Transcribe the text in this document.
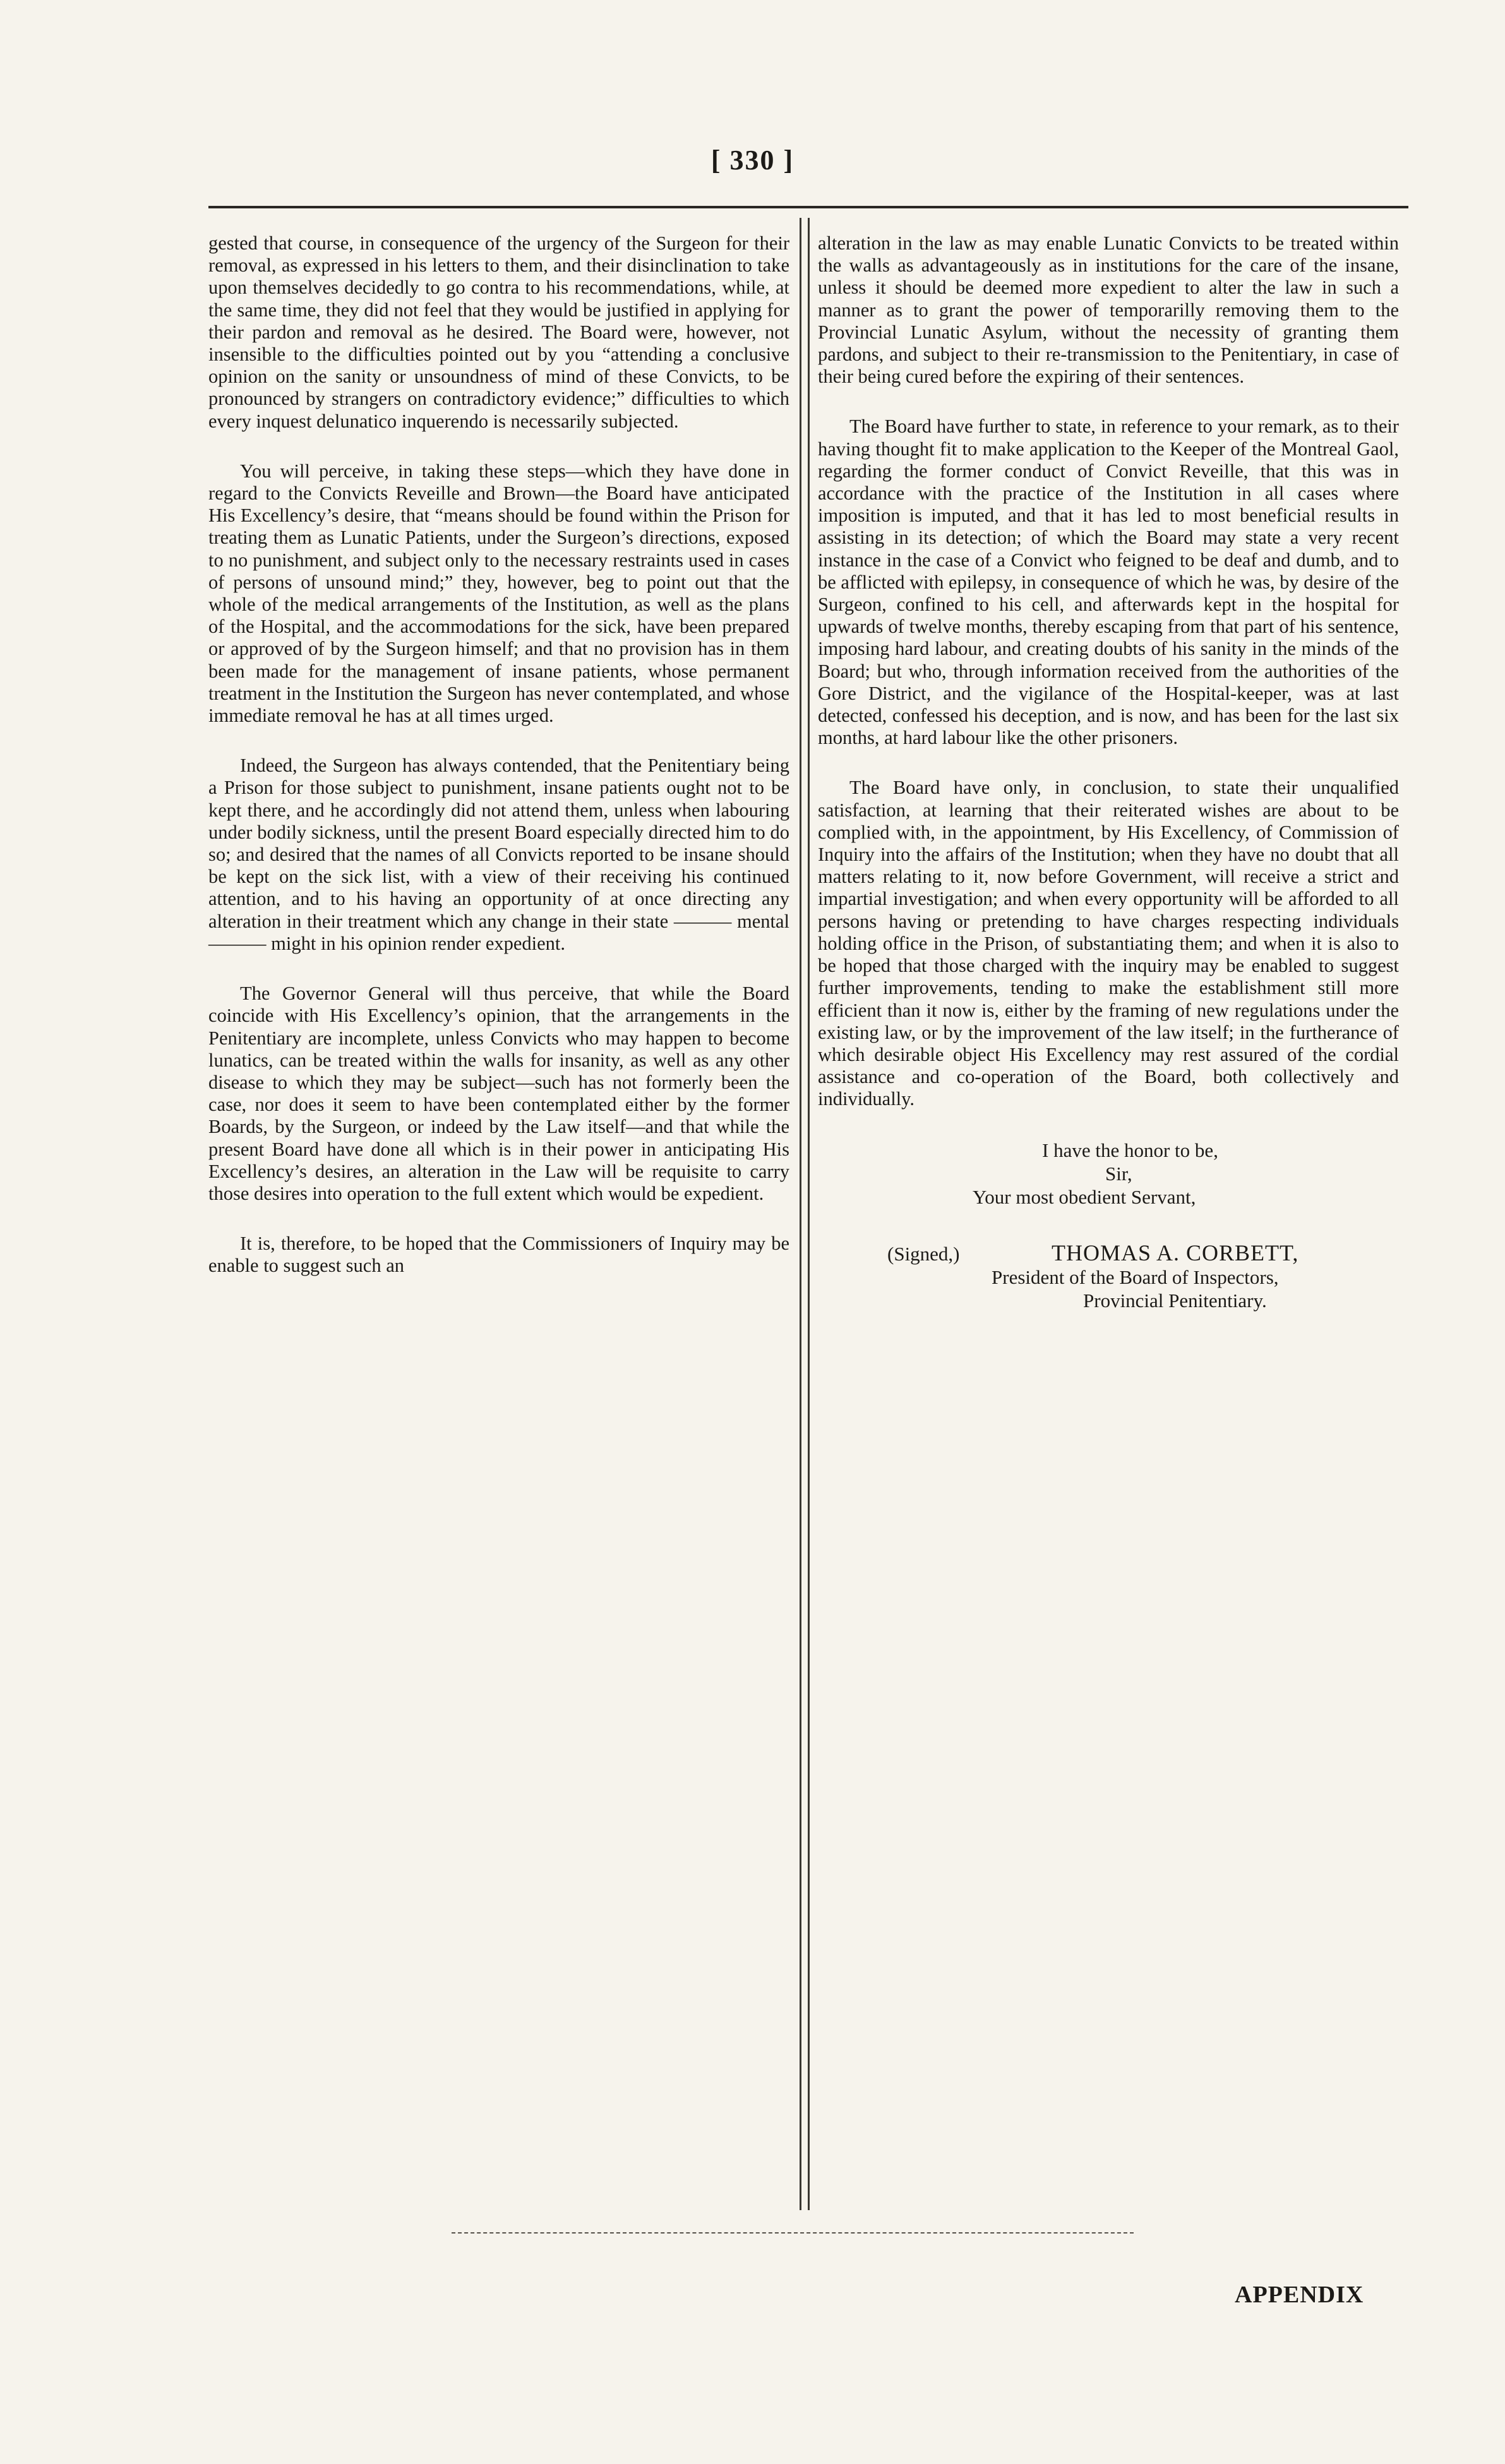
[ 330 ]

gested that course, in consequence of the urgency of the Surgeon for their removal, as expressed in his letters to them, and their disinclination to take upon themselves decidedly to go contra to his recommendations, while, at the same time, they did not feel that they would be justified in applying for their pardon and removal as he desired. The Board were, however, not insensible to the difficulties pointed out by you “attending a conclusive opinion on the sanity or unsoundness of mind of these Convicts, to be pronounced by strangers on contradictory evidence;” difficulties to which every inquest delunatico inquerendo is necessarily subjected.

You will perceive, in taking these steps—which they have done in regard to the Convicts Reveille and Brown—the Board have anticipated His Excellency’s desire, that “means should be found within the Prison for treating them as Lunatic Patients, under the Surgeon’s directions, exposed to no punishment, and subject only to the necessary restraints used in cases of persons of unsound mind;” they, however, beg to point out that the whole of the medical arrangements of the Institution, as well as the plans of the Hospital, and the accommodations for the sick, have been prepared or approved of by the Surgeon himself; and that no provision has in them been made for the management of insane patients, whose permanent treatment in the Institution the Surgeon has never contemplated, and whose immediate removal he has at all times urged.

Indeed, the Surgeon has always contended, that the Penitentiary being a Prison for those subject to punishment, insane patients ought not to be kept there, and he accordingly did not attend them, unless when labouring under bodily sickness, until the present Board especially directed him to do so; and desired that the names of all Convicts reported to be insane should be kept on the sick list, with a view of their receiving his continued attention, and to his having an opportunity of at once directing any alteration in their treatment which any change in their state ——— mental ——— might in his opinion render expedient.

The Governor General will thus perceive, that while the Board coincide with His Excellency’s opinion, that the arrangements in the Penitentiary are incomplete, unless Convicts who may happen to become lunatics, can be treated within the walls for insanity, as well as any other disease to which they may be subject—such has not formerly been the case, nor does it seem to have been contemplated either by the former Boards, by the Surgeon, or indeed by the Law itself—and that while the present Board have done all which is in their power in anticipating His Excellency’s desires, an alteration in the Law will be requisite to carry those desires into operation to the full extent which would be expedient.

It is, therefore, to be hoped that the Commissioners of Inquiry may be enable to suggest such an

alteration in the law as may enable Lunatic Convicts to be treated within the walls as advantageously as in institutions for the care of the insane, unless it should be deemed more expedient to alter the law in such a manner as to grant the power of temporarilly removing them to the Provincial Lunatic Asylum, without the necessity of granting them pardons, and subject to their re-transmission to the Penitentiary, in case of their being cured before the expiring of their sentences.

The Board have further to state, in reference to your remark, as to their having thought fit to make application to the Keeper of the Montreal Gaol, regarding the former conduct of Convict Reveille, that this was in accordance with the practice of the Institution in all cases where imposition is imputed, and that it has led to most beneficial results in assisting in its detection; of which the Board may state a very recent instance in the case of a Convict who feigned to be deaf and dumb, and to be afflicted with epilepsy, in consequence of which he was, by desire of the Surgeon, confined to his cell, and afterwards kept in the hospital for upwards of twelve months, thereby escaping from that part of his sentence, imposing hard labour, and creating doubts of his sanity in the minds of the Board; but who, through information received from the authorities of the Gore District, and the vigilance of the Hospital-keeper, was at last detected, confessed his deception, and is now, and has been for the last six months, at hard labour like the other prisoners.

The Board have only, in conclusion, to state their unqualified satisfaction, at learning that their reiterated wishes are about to be complied with, in the appointment, by His Excellency, of Commission of Inquiry into the affairs of the Institution; when they have no doubt that all matters relating to it, now before Government, will receive a strict and impartial investigation; and when every opportunity will be afforded to all persons having or pretending to have charges respecting individuals holding office in the Prison, of substantiating them; and when it is also to be hoped that those charged with the inquiry may be enabled to suggest further improvements, tending to make the establishment still more efficient than it now is, either by the framing of new regulations under the existing law, or by the improvement of the law itself; in the furtherance of which desirable object His Excellency may rest assured of the cordial assistance and co-operation of the Board, both collectively and individually.

I have the honor to be,
Sir,
Your most obedient Servant,
(Signed,)	THOMAS A. CORBETT,
President of the Board of Inspectors,
Provincial Penitentiary.
APPENDIX
